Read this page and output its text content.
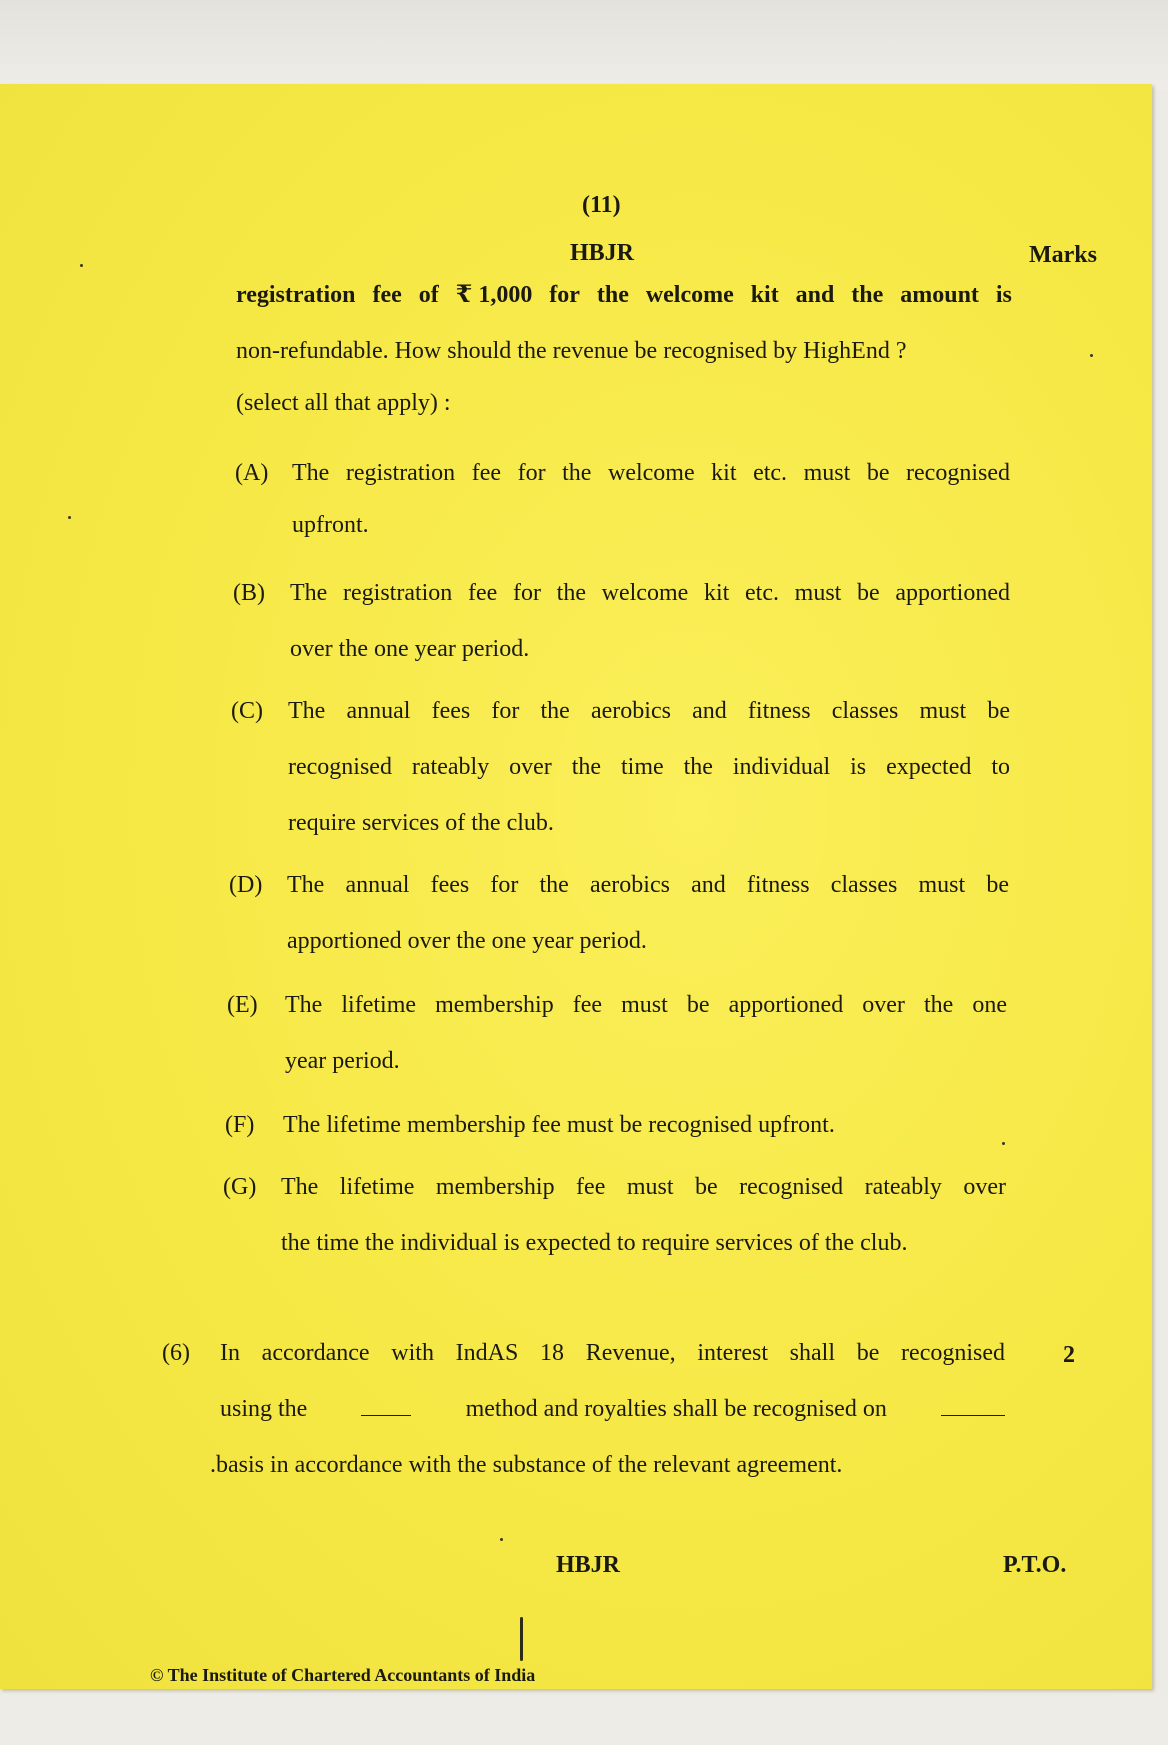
(11)
HBJR	Marks
registration fee of ₹ 1,000 for the welcome kit and the amount is
non-refundable. How should the revenue be recognised by HighEnd ?
(select all that apply) :
(A) The registration fee for the welcome kit etc. must be recognised
upfront.
(B) The registration fee for the welcome kit etc. must be apportioned
over the one year period.
(C) The annual fees for the aerobics and fitness classes must be
recognised rateably over the time the individual is expected to
require services of the club.
(D) The annual fees for the aerobics and fitness classes must be
apportioned over the one year period.
(E) The lifetime membership fee must be apportioned over the one
year period.
(F) The lifetime membership fee must be recognised upfront.
(G) The lifetime membership fee must be recognised rateably over
the time the individual is expected to require services of the club.
(6) In accordance with IndAS 18 Revenue, interest shall be recognised 2
using the	method and royalties shall be recognised on
.basis in accordance with the substance of the relevant agreement.
HBJR	P.T.O.
© The Institute of Chartered Accountants of India
